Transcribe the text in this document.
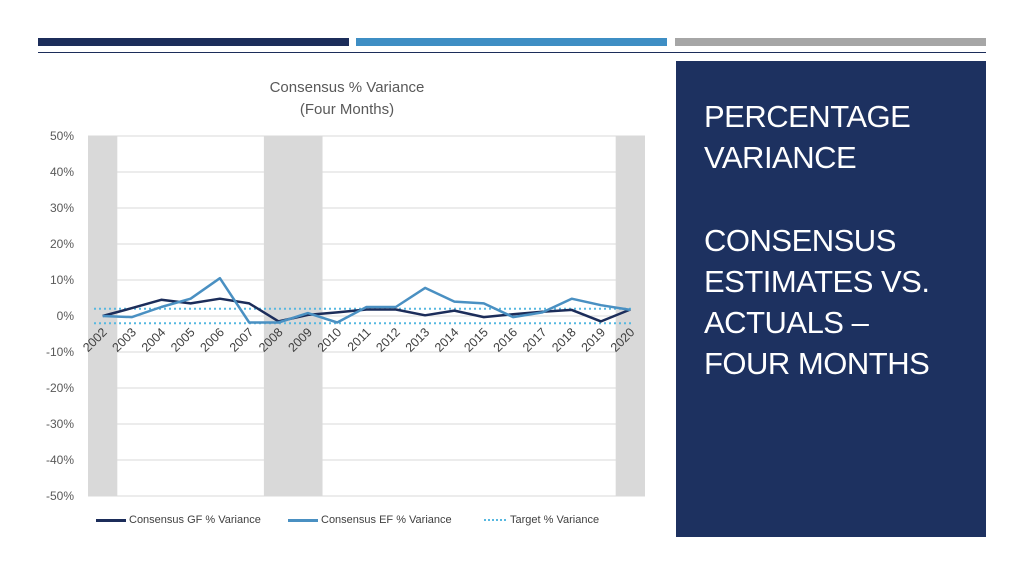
Consensus % Variance
(Four Months)
50%
40%
30%
20%
10%
0%
-10%
-20%
-30%
-40%
-50%
2002 2003 2004 2005 2006 2007 2008 2009 2010 2011 2012 2013 2014 2015 2016 2017 2018 2019 2020
Consensus GF % Variance	Consensus EF % Variance	Target % Variance
PERCENTAGE
VARIANCE
CONSENSUS
ESTIMATES VS.
ACTUALS –
FOUR MONTHS
